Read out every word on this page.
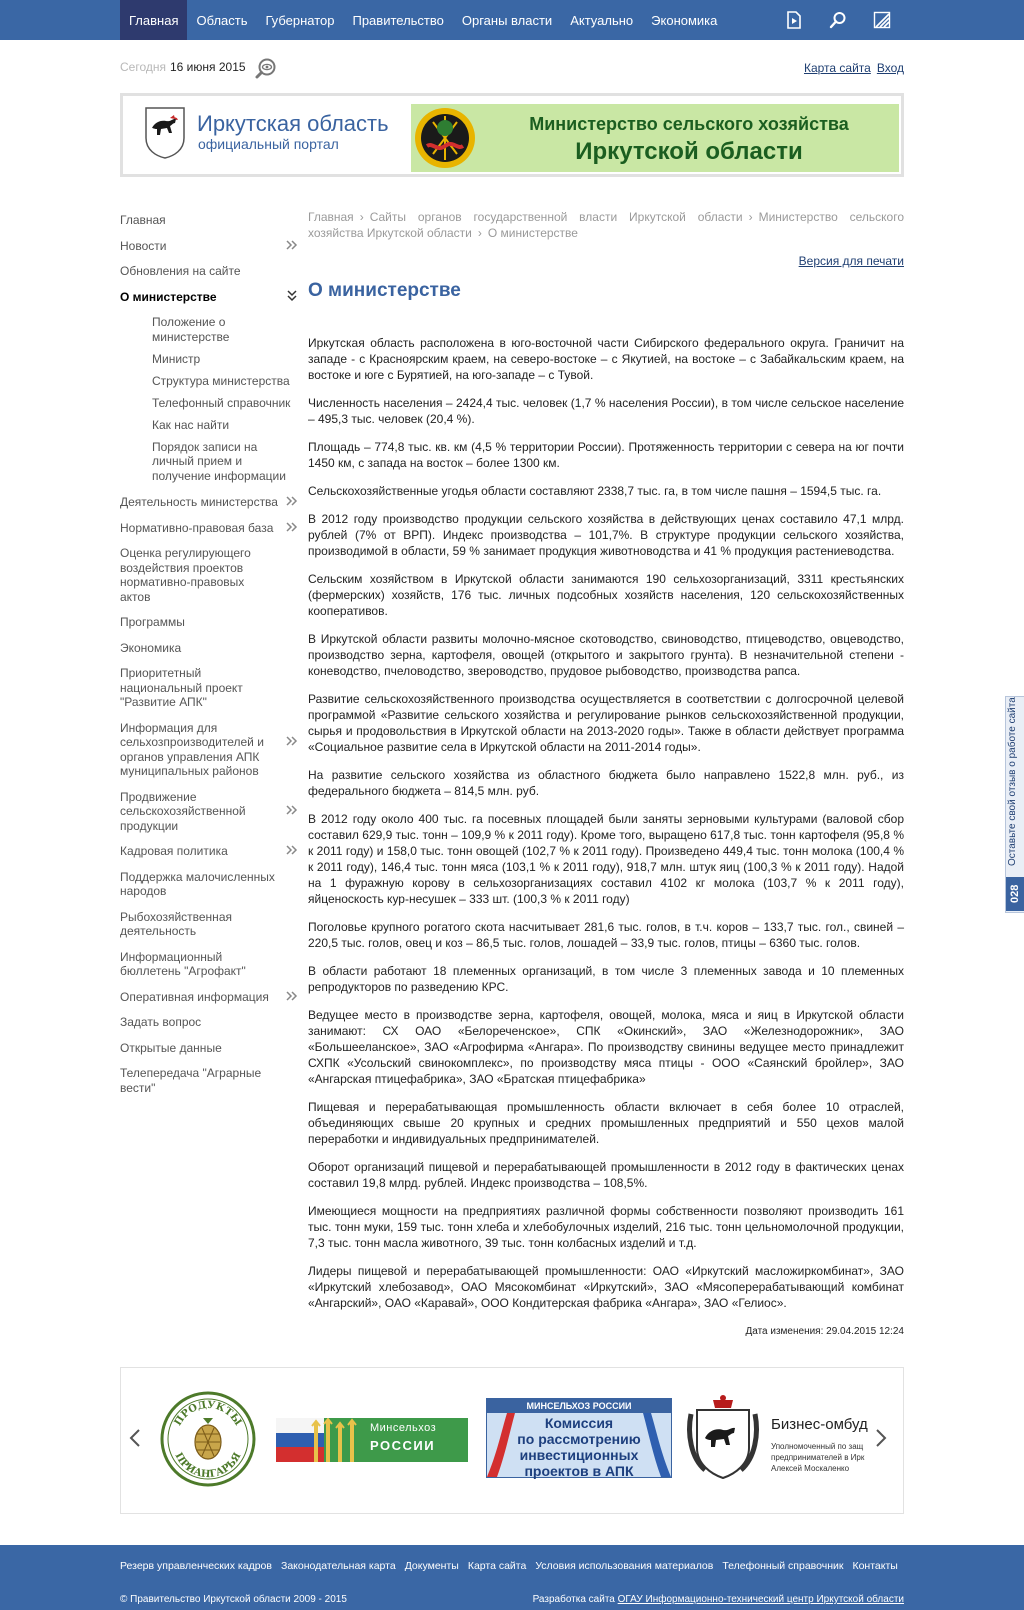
Главная	Область	Губернатор	Правительство	Органы власти	Актуально	Экономика
Сегодня 16 июня 2015	Карта сайта Вход
Иркутская область
официальный портал
Министерство сельского хозяйства
Иркутской области
Главная
Новости
Обновления на сайте
О министерстве
Положение о министерстве
Министр
Структура министерства
Телефонный справочник
Как нас найти
Порядок записи на личный прием и получение информации
Деятельность министерства
Нормативно-правовая база
Оценка регулирующего воздействия проектов нормативно-правовых актов
Программы
Экономика
Приоритетный национальный проект "Развитие АПК"
Информация для сельхозпроизводителей и органов управления АПК муниципальных районов
Продвижение сельскохозяйственной продукции
Кадровая политика
Поддержка малочисленных народов
Рыбохозяйственная деятельность
Информационный бюллетень "Агрофакт"
Оперативная информация
Задать вопрос
Открытые данные
Телепередача "Аграрные вести"
Главная › Сайты органов государственной власти Иркутской области › Министерство сельского хозяйства Иркутской области › О министерстве
Версия для печати
О министерстве

Иркутская область расположена в юго-восточной части Сибирского федерального округа. Граничит на западе - с Красноярским краем, на северо-востоке – с Якутией, на востоке – с Забайкальским краем, на востоке и юге с Бурятией, на юго-западе – с Тувой.

Численность населения – 2424,4 тыс. человек (1,7 % населения России), в том числе сельское население – 495,3 тыс. человек (20,4 %).

Площадь – 774,8 тыс. кв. км (4,5 % территории России). Протяженность территории с севера на юг почти 1450 км, с запада на восток – более 1300 км.

Сельскохозяйственные угодья области составляют 2338,7 тыс. га, в том числе пашня – 1594,5 тыс. га.

В 2012 году производство продукции сельского хозяйства в действующих ценах составило 47,1 млрд. рублей (7% от ВРП). Индекс производства – 101,7%. В структуре продукции сельского хозяйства, производимой в области, 59 % занимает продукция животноводства и 41 % продукция растениеводства.

Сельским хозяйством в Иркутской области занимаются 190 сельхозорганизаций, 3311 крестьянских (фермерских) хозяйств, 176 тыс. личных подсобных хозяйств населения, 120 сельскохозяйственных кооперативов.

В Иркутской области развиты молочно-мясное скотоводство, свиноводство, птицеводство, овцеводство, производство зерна, картофеля, овощей (открытого и закрытого грунта). В незначительной степени - коневодство, пчеловодство, звероводство, прудовое рыбоводство, производства рапса.

Развитие сельскохозяйственного производства осуществляется в соответствии с долгосрочной целевой программой «Развитие сельского хозяйства и регулирование рынков сельскохозяйственной продукции, сырья и продовольствия в Иркутской области на 2013-2020 годы». Также в области действует программа «Социальное развитие села в Иркутской области на 2011-2014 годы».

На развитие сельского хозяйства из областного бюджета было направлено 1522,8 млн. руб., из федерального бюджета – 814,5 млн. руб.

В 2012 году около 400 тыс. га посевных площадей были заняты зерновыми культурами (валовой сбор составил 629,9 тыс. тонн – 109,9 % к 2011 году). Кроме того, выращено 617,8 тыс. тонн картофеля (95,8 % к 2011 году) и 158,0 тыс. тонн овощей (102,7 % к 2011 году). Произведено 449,4 тыс. тонн молока (100,4 % к 2011 году), 146,4 тыс. тонн мяса (103,1 % к 2011 году), 918,7 млн. штук яиц (100,3 % к 2011 году). Надой на 1 фуражную корову в сельхозорганизациях составил 4102 кг молока (103,7 % к 2011 году), яйценоскость кур-несушек – 333 шт. (100,3 % к 2011 году)

Поголовье крупного рогатого скота насчитывает 281,6 тыс. голов, в т.ч. коров – 133,7 тыс. гол., свиней – 220,5 тыс. голов, овец и коз – 86,5 тыс. голов, лошадей – 33,9 тыс. голов, птицы – 6360 тыс. голов.

В области работают 18 племенных организаций, в том числе 3 племенных завода и 10 племенных репродукторов по разведению КРС.

Ведущее место в производстве зерна, картофеля, овощей, молока, мяса и яиц в Иркутской области занимают: СХ ОАО «Белореченское», СПК «Окинский», ЗАО «Железнодорожник», ЗАО «Большееланское», ЗАО «Агрофирма «Ангара». По производству свинины ведущее место принадлежит СХПК «Усольский свинокомплекс», по производству мяса птицы - ООО «Саянский бройлер», ЗАО «Ангарская птицефабрика», ЗАО «Братская птицефабрика»

Пищевая и перерабатывающая промышленность области включает в себя более 10 отраслей, объединяющих свыше 20 крупных и средних промышленных предприятий и 550 цехов малой переработки и индивидуальных предпринимателей.

Оборот организаций пищевой и перерабатывающей промышленности в 2012 году в фактических ценах составил 19,8 млрд. рублей. Индекс производства – 108,5%.

Имеющиеся мощности на предприятиях различной формы собственности позволяют производить 161 тыс. тонн муки, 159 тыс. тонн хлеба и хлебобулочных изделий, 216 тыс. тонн цельномолочной продукции, 7,3 тыс. тонн масла животного, 39 тыс. тонн колбасных изделий и т.д.

Лидеры пищевой и перерабатывающей промышленности: ОАО «Иркутский масложиркомбинат», ЗАО «Иркутский хлебозавод», ОАО Мясокомбинат «Иркутский», ЗАО «Мясоперерабатывающий комбинат «Ангарский», ОАО «Каравай», ООО Кондитерская фабрика «Ангара», ЗАО «Гелиос».

Дата изменения: 29.04.2015 12:24
ПРОДУКТЫ
ПРИАНГАРЬЯ
Минсельхоз
РОССИИ
МИНСЕЛЬХОЗ РОССИИ
Комиссия
по рассмотрению
инвестиционных
проектов в АПК
Бизнес-омбуд
Уполномоченный по защ
предпринимателей в Ирк
Алексей Москаленко
Оставьте свой отзыв о работе сайта
028
Резерв управленческих кадров Законодательная карта Документы Карта сайта Условия использования материалов Телефонный справочник Контакты
© Правительство Иркутской области 2009 - 2015	Разработка сайта ОГАУ Информационно-технический центр Иркутской области
